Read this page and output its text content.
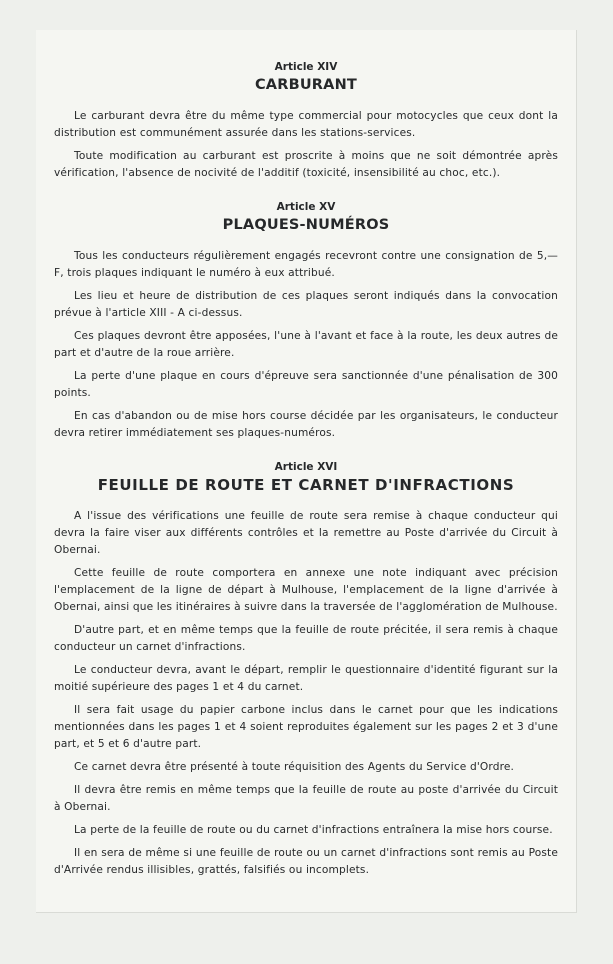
Article XIV
CARBURANT

Le carburant devra être du même type commercial pour motocycles que ceux dont la distribution est communément assurée dans les stations-services.

Toute modification au carburant est proscrite à moins que ne soit démontrée après vérification, l'absence de nocivité de l'additif (toxicité, insensibilité au choc, etc.).

Article XV
PLAQUES-NUMÉROS

Tous les conducteurs régulièrement engagés recevront contre une consignation de 5,— F, trois plaques indiquant le numéro à eux attribué.

Les lieu et heure de distribution de ces plaques seront indiqués dans la convocation prévue à l'article XIII - A ci-dessus.

Ces plaques devront être apposées, l'une à l'avant et face à la route, les deux autres de part et d'autre de la roue arrière.

La perte d'une plaque en cours d'épreuve sera sanctionnée d'une pénalisation de 300 points.

En cas d'abandon ou de mise hors course décidée par les organisateurs, le conducteur devra retirer immédiatement ses plaques-numéros.

Article XVI
FEUILLE DE ROUTE ET CARNET D'INFRACTIONS

A l'issue des vérifications une feuille de route sera remise à chaque conducteur qui devra la faire viser aux différents contrôles et la remettre au Poste d'arrivée du Circuit à Obernai.

Cette feuille de route comportera en annexe une note indiquant avec précision l'emplacement de la ligne de départ à Mulhouse, l'emplacement de la ligne d'arrivée à Obernai, ainsi que les itinéraires à suivre dans la traversée de l'agglomération de Mulhouse.

D'autre part, et en même temps que la feuille de route précitée, il sera remis à chaque conducteur un carnet d'infractions.

Le conducteur devra, avant le départ, remplir le questionnaire d'identité figurant sur la moitié supérieure des pages 1 et 4 du carnet.

Il sera fait usage du papier carbone inclus dans le carnet pour que les indications mentionnées dans les pages 1 et 4 soient reproduites également sur les pages 2 et 3 d'une part, et 5 et 6 d'autre part.

Ce carnet devra être présenté à toute réquisition des Agents du Service d'Ordre.

Il devra être remis en même temps que la feuille de route au poste d'arrivée du Circuit à Obernai.

La perte de la feuille de route ou du carnet d'infractions entraînera la mise hors course.

Il en sera de même si une feuille de route ou un carnet d'infractions sont remis au Poste d'Arrivée rendus illisibles, grattés, falsifiés ou incomplets.
